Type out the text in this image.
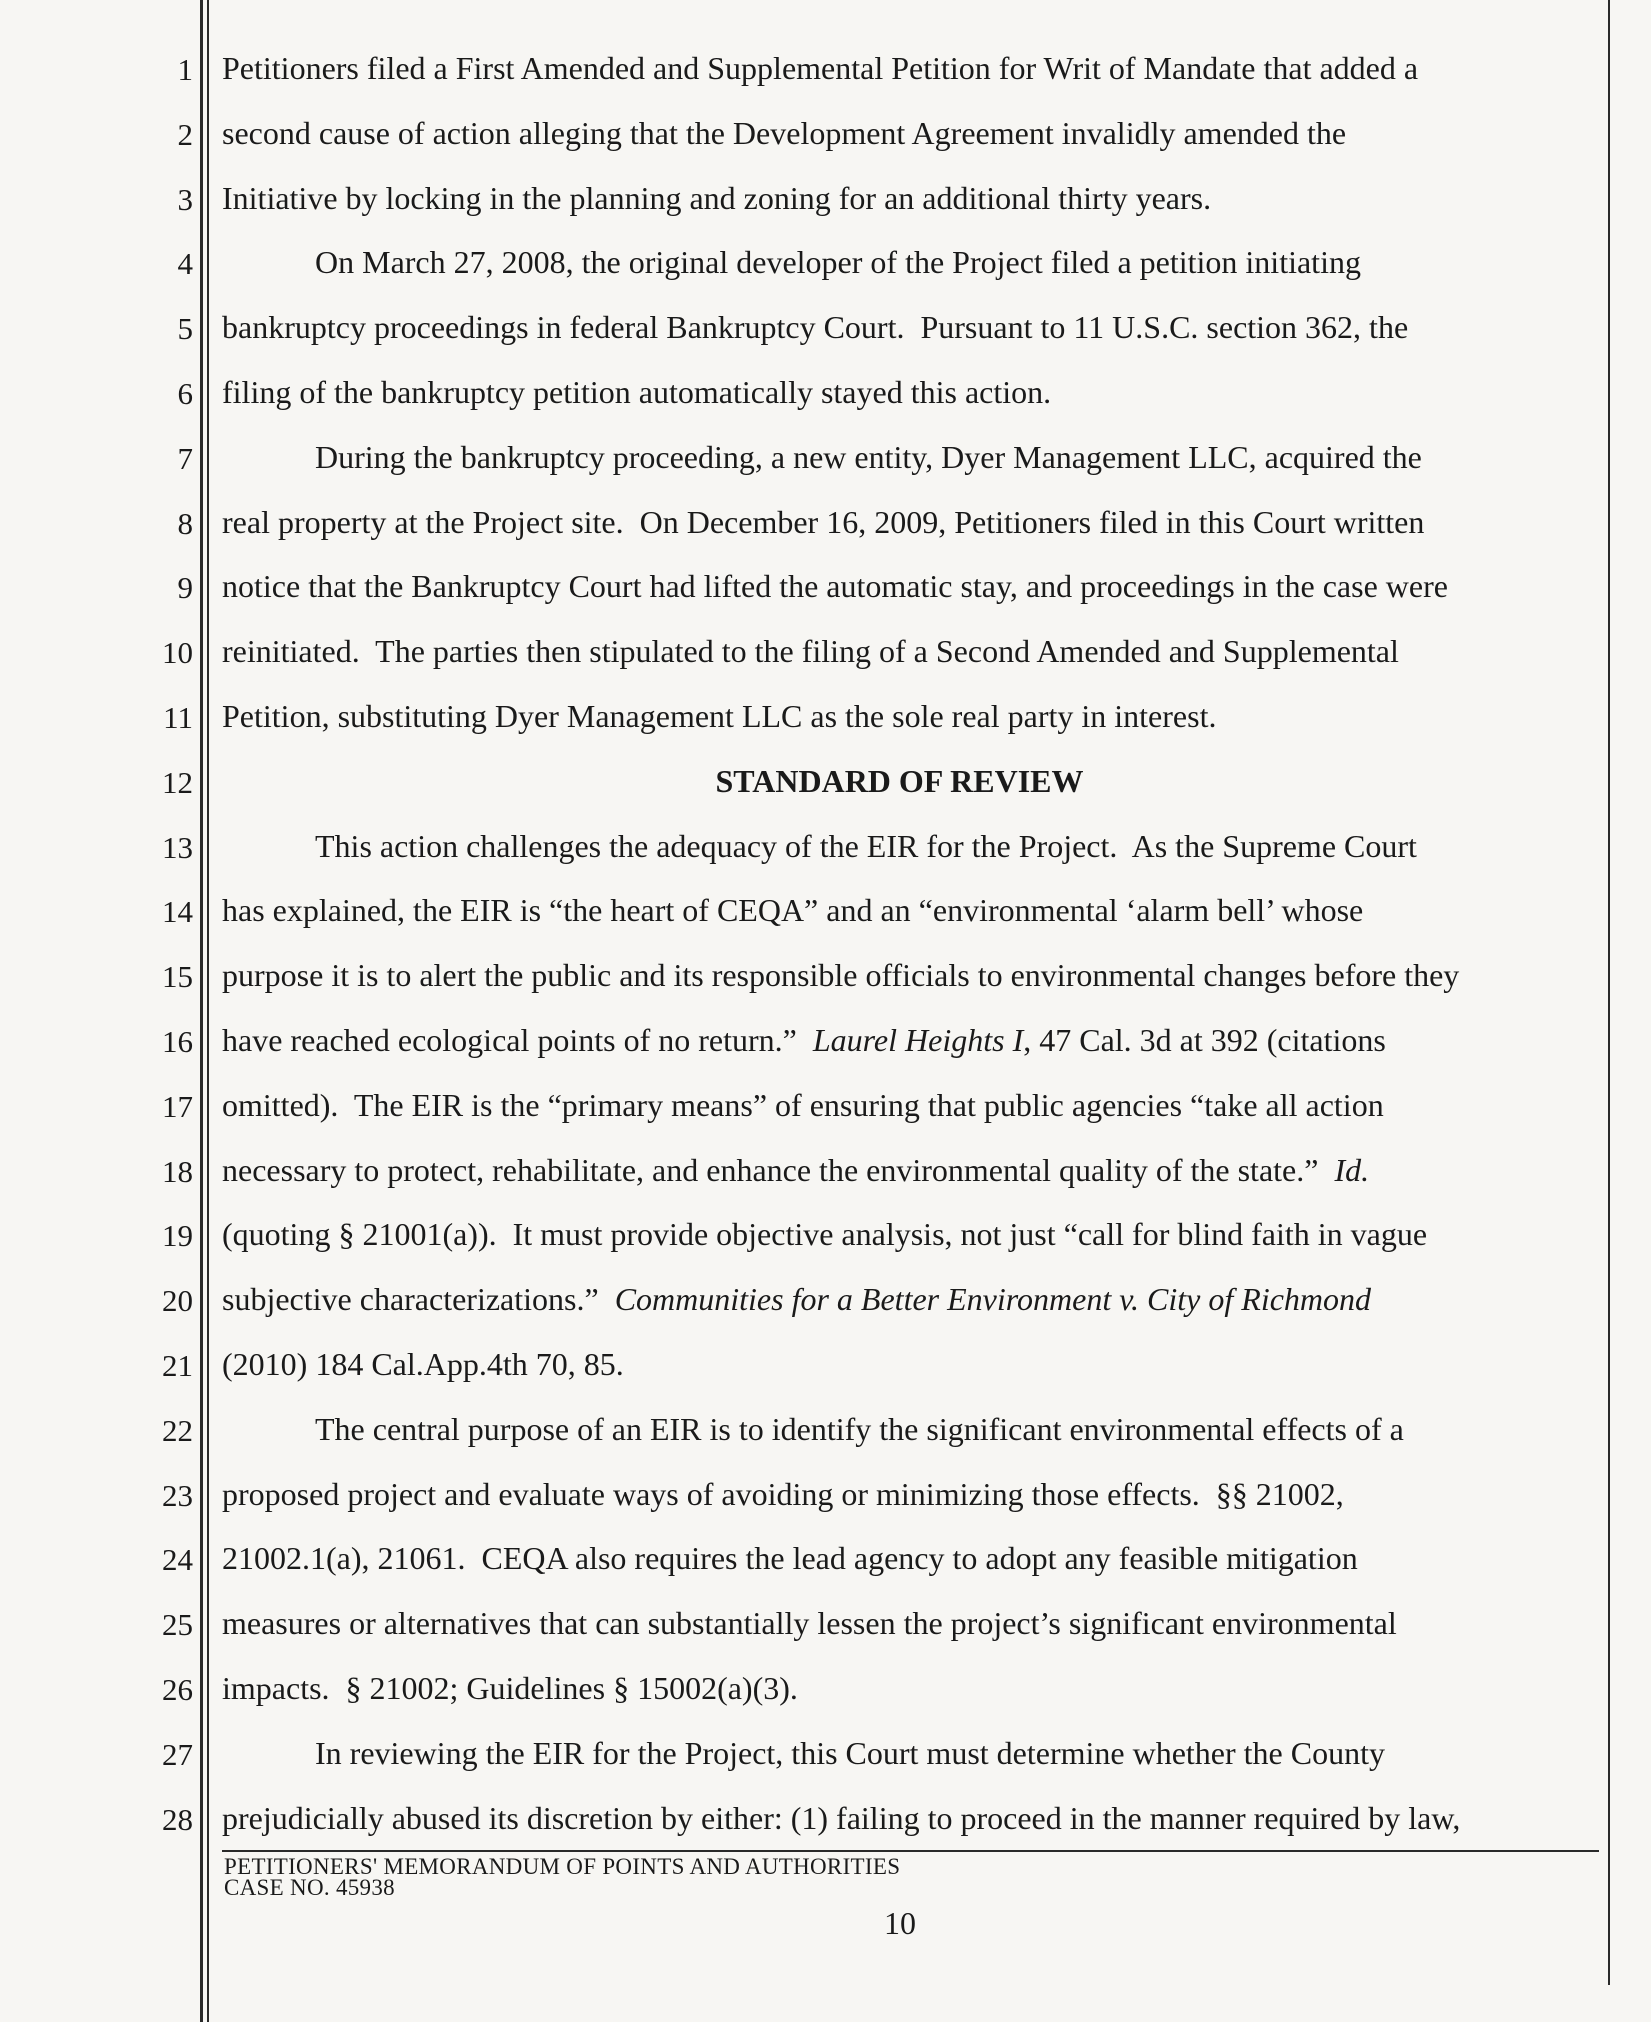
1
2
3
4
5
6
7
8
9
10
11
12
13
14
15
16
17
18
19
20
21
22
23
24
25
26
27
28
Petitioners filed a First Amended and Supplemental Petition for Writ of Mandate that added a
second cause of action alleging that the Development Agreement invalidly amended the
Initiative by locking in the planning and zoning for an additional thirty years.
On March 27, 2008, the original developer of the Project filed a petition initiating
bankruptcy proceedings in federal Bankruptcy Court.  Pursuant to 11 U.S.C. section 362, the
filing of the bankruptcy petition automatically stayed this action.
During the bankruptcy proceeding, a new entity, Dyer Management LLC, acquired the
real property at the Project site.  On December 16, 2009, Petitioners filed in this Court written
notice that the Bankruptcy Court had lifted the automatic stay, and proceedings in the case were
reinitiated.  The parties then stipulated to the filing of a Second Amended and Supplemental
Petition, substituting Dyer Management LLC as the sole real party in interest.
STANDARD OF REVIEW
This action challenges the adequacy of the EIR for the Project.  As the Supreme Court
has explained, the EIR is “the heart of CEQA” and an “environmental ‘alarm bell’ whose
purpose it is to alert the public and its responsible officials to environmental changes before they
have reached ecological points of no return.”  Laurel Heights I, 47 Cal. 3d at 392 (citations
omitted).  The EIR is the “primary means” of ensuring that public agencies “take all action
necessary to protect, rehabilitate, and enhance the environmental quality of the state.”  Id.
(quoting § 21001(a)).  It must provide objective analysis, not just “call for blind faith in vague
subjective characterizations.”  Communities for a Better Environment v. City of Richmond
(2010) 184 Cal.App.4th 70, 85.
The central purpose of an EIR is to identify the significant environmental effects of a
proposed project and evaluate ways of avoiding or minimizing those effects.  §§ 21002,
21002.1(a), 21061.  CEQA also requires the lead agency to adopt any feasible mitigation
measures or alternatives that can substantially lessen the project’s significant environmental
impacts.  § 21002; Guidelines § 15002(a)(3).
In reviewing the EIR for the Project, this Court must determine whether the County
prejudicially abused its discretion by either: (1) failing to proceed in the manner required by law,
PETITIONERS' MEMORANDUM OF POINTS AND AUTHORITIES
CASE NO. 45938
10
